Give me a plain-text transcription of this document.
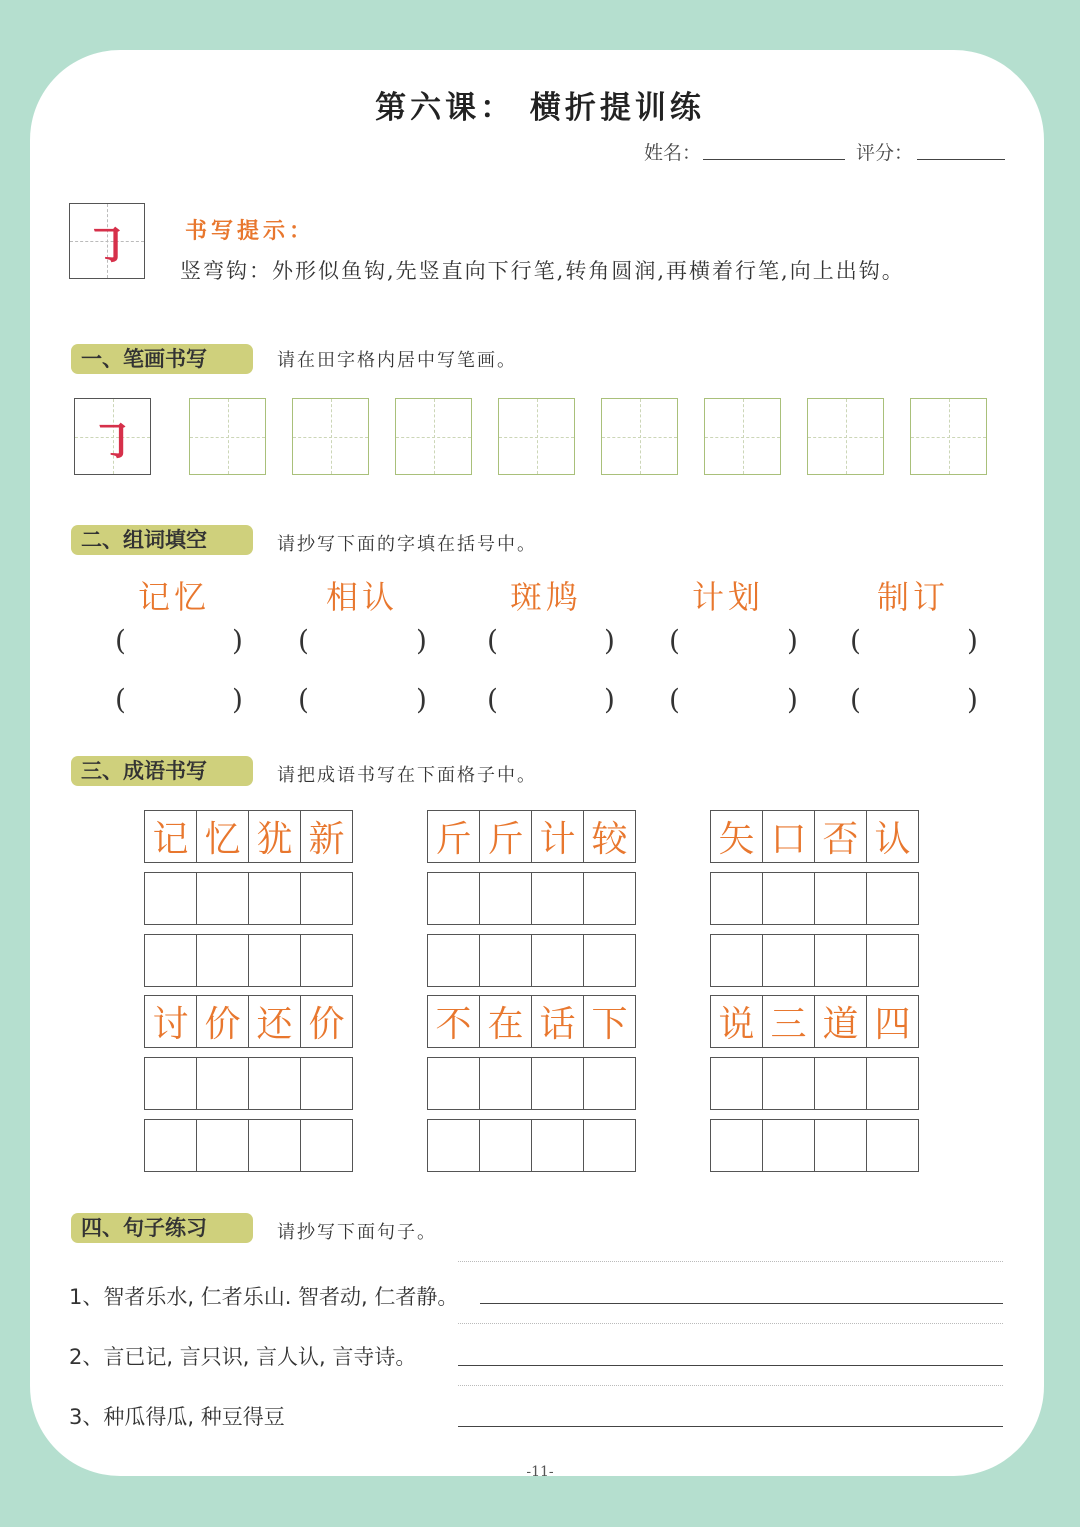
第六课： 横折提训练
姓名：	评分：
㇆	书写提示：
竖弯钩：外形似鱼钩,先竖直向下行笔,转角圆润,再横着行笔,向上出钩。
一、笔画书写	请在田字格内居中写笔画。
㇆
二、组词填空	请抄写下面的字填在括号中。
记忆	相认	斑鸠	计划	制订
(	) (	) (	) (	) (	)
(	) (	) (	) (	) (	)
三、成语书写	请把成语书写在下面格子中。
记 忆 犹 新	斤 斤 计 较	矢 口 否 认
讨 价 还 价	不 在 话 下	说 三 道 四
四、句子练习	请抄写下面句子。
1、智者乐水, 仁者乐山. 智者动, 仁者静。
2、言已记, 言只识, 言人认, 言寺诗。
3、种瓜得瓜, 种豆得豆
-11-
